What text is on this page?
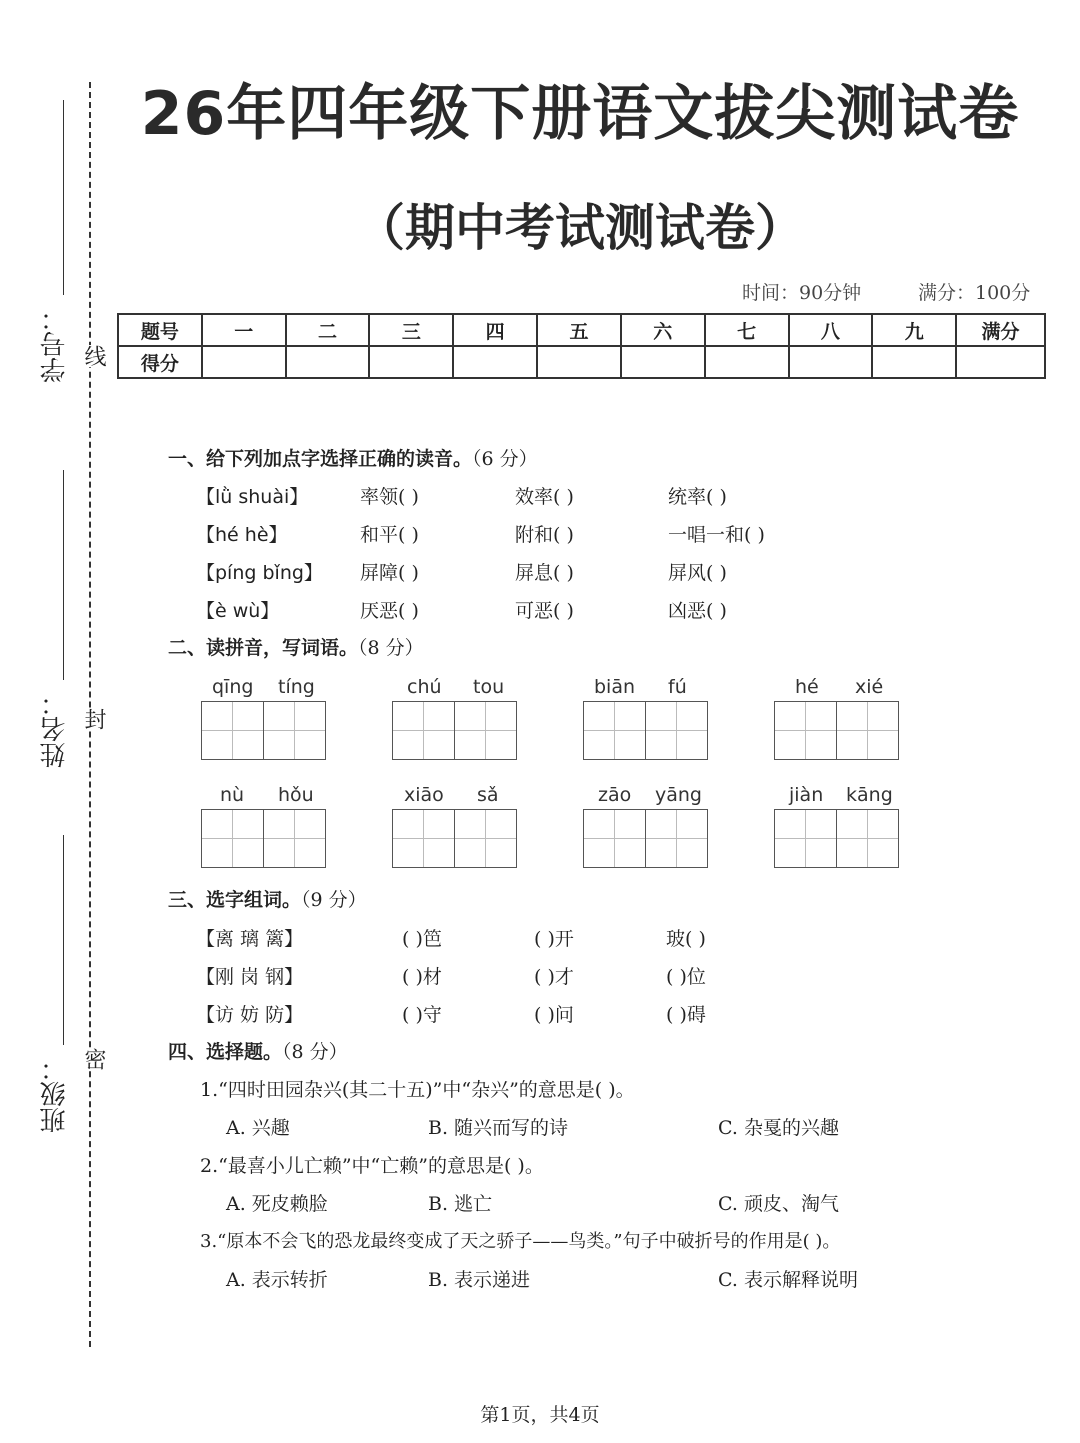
学号：
姓名：
班级：
线
封
密
26年四年级下册语文拔尖测试卷
（期中考试测试卷）
时间：90分钟	满分：100分
题号	一	二	三	四	五	六	七	八	九	满分
得分										
一、给下列加点字选择正确的读音。（6 分）
【lǜ shuài】	率领( )	效率( )	统率( )
【hé hè】	和平( )	附和( )	一唱一和( )
【píng bǐng】 屏障( )	屏息( )	屏风( )
【è wù】	厌恶( )	可恶( )	凶恶( )
二、读拼音，写词语。（8 分）
qīng tíng	chú tou	biān fú	hé xié
nù hǒu	xiāo sǎ	zāo yāng	jiàn kāng
三、选字组词。（9 分）
【离 璃 篱】	( )笆	( )开	玻( )
【刚 岗 钢】	( )材	( )才	( )位
【访 妨 防】	( )守	( )问	( )碍
四、选择题。（8 分）
1.“四时田园杂兴(其二十五)”中“杂兴”的意思是( )。
A. 兴趣	B. 随兴而写的诗	C. 杂戛的兴趣
2.“最喜小儿亡赖”中“亡赖”的意思是( )。
A. 死皮赖脸	B. 逃亡	C. 顽皮、淘气
3.“原本不会飞的恐龙最终变成了天之骄子——鸟类。”句子中破折号的作用是( )。
A. 表示转折	B. 表示递进	C. 表示解释说明
第1页，共4页
